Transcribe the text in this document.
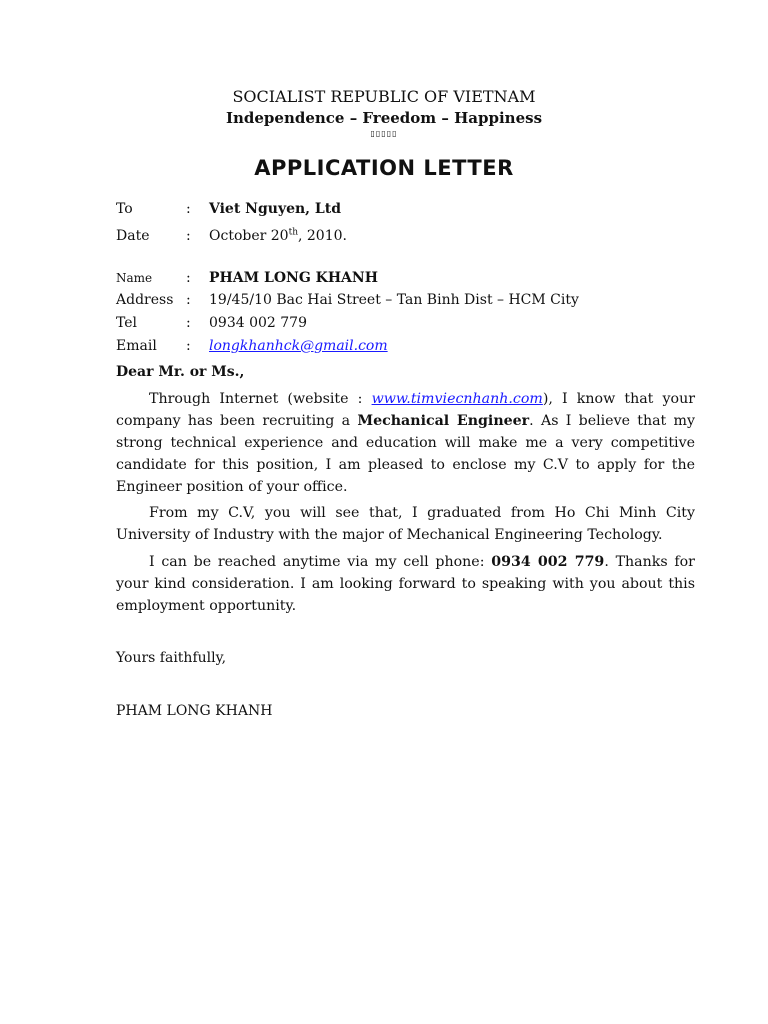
SOCIALIST REPUBLIC OF VIETNAM
Independence – Freedom – Happiness
▯▯▯▯▯
APPLICATION LETTER
To	: Viet Nguyen, Ltd
Date	: October 20th, 2010.
Name : PHAM LONG KHANH
Address : 19/45/10 Bac Hai Street – Tan Binh Dist – HCM City
Tel	: 0934 002 779
Email : longkhanhck@gmail.com
Dear Mr. or Ms.,

Through Internet (website : www.timviecnhanh.com), I know that your company has been recruiting a Mechanical Engineer. As I believe that my strong technical experience and education will make me a very competitive candidate for this position, I am pleased to enclose my C.V to apply for the Engineer position of your office.

From my C.V, you will see that, I graduated from Ho Chi Minh City University of Industry with the major of Mechanical Engineering Techology.

I can be reached anytime via my cell phone: 0934 002 779. Thanks for your kind consideration. I am looking forward to speaking with you about this employment opportunity.

Yours faithfully,
PHAM LONG KHANH
